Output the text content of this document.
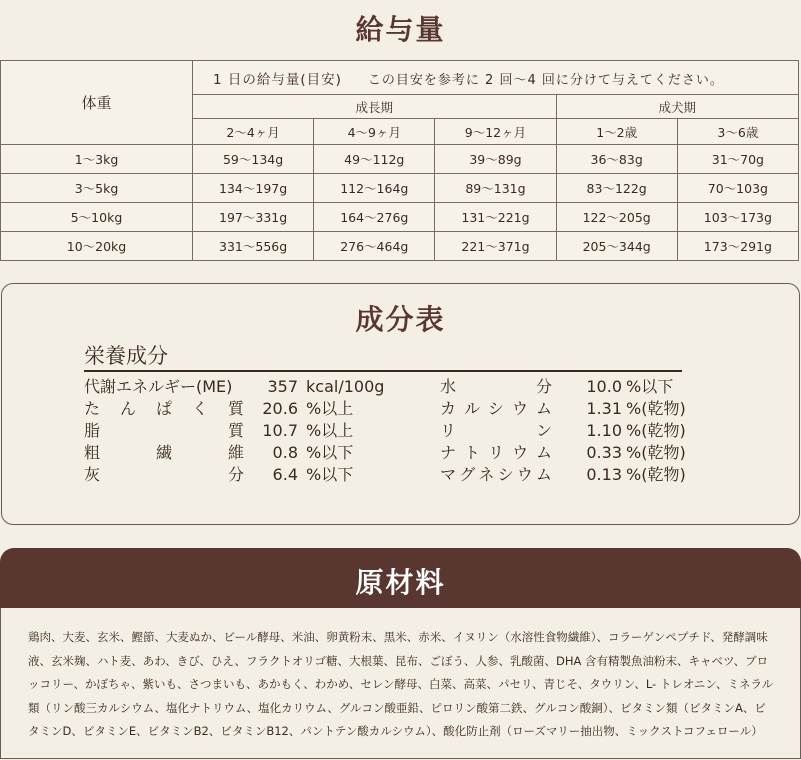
給与量
体重	1 日の給与量(目安) この目安を参考に 2 回〜4 回に分けて与えてください。				
	成長期			成犬期	
	2〜4ヶ月	4〜9ヶ月	9〜12ヶ月	1〜2歳	3〜6歳
1〜3kg	59〜134g	49〜112g	39〜89g	36〜83g	31〜70g
3〜5kg	134〜197g	112〜164g	89〜131g	83〜122g	70〜103g
5〜10kg	197〜331g	164〜276g	131〜221g	122〜205g	103〜173g
10〜20kg	331〜556g	276〜464g	221〜371g	205〜344g	173〜291g
成分表
栄養成分
代謝エネルギー(ME)	357 kcal/100g
たんぱく質	20.6 %以上
脂質	10.7 %以上
粗繊維	0.8 %以下
灰分	6.4 %以下
水分	10.0 %以下
カルシウム	1.31 %(乾物)
リン	1.10 %(乾物)
ナトリウム	0.33 %(乾物)
マグネシウム	0.13 %(乾物)
原材料
鶏肉、大麦、玄米、鰹節、大麦ぬか、ビール酵母、米油、卵黄粉末、黒米、赤米、イヌリン（水溶性食物繊維）、コラーゲンペプチド、発酵調味液、玄米麹、ハト麦、あわ、きび、ひえ、フラクトオリゴ糖、大根葉、昆布、ごぼう、人参、乳酸菌、DHA 含有精製魚油粉末、キャベツ、ブロッコリー、かぼちゃ、紫いも、さつまいも、あかもく、わかめ、セレン酵母、白菜、高菜、パセリ、青じそ、タウリン、L- トレオニン、ミネラル類（リン酸三カルシウム、塩化ナトリウム、塩化カリウム、グルコン酸亜鉛、ピロリン酸第二鉄、グルコン酸銅）、ビタミン類（ビタミンA、ビタミンD、ビタミンE、ビタミンB2、ビタミンB12、パントテン酸カルシウム）、酸化防止剤（ローズマリー抽出物、ミックストコフェロール）
